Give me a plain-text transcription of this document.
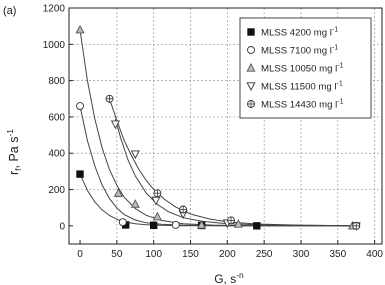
(a)
$r_f$, Pa $s^{-1}$
G, $s^{-n}$
0	50 100 150 200 250 300 350 400
0
200
400
600
800
1000
1200
MLSS 4200 mg $l^{-1}$
MLSS 7100 mg $l^{-1}$
MLSS 10050 mg $l^{-1}$
MLSS 11500 mg $l^{-1}$
MLSS 14430 mg $l^{-1}$
